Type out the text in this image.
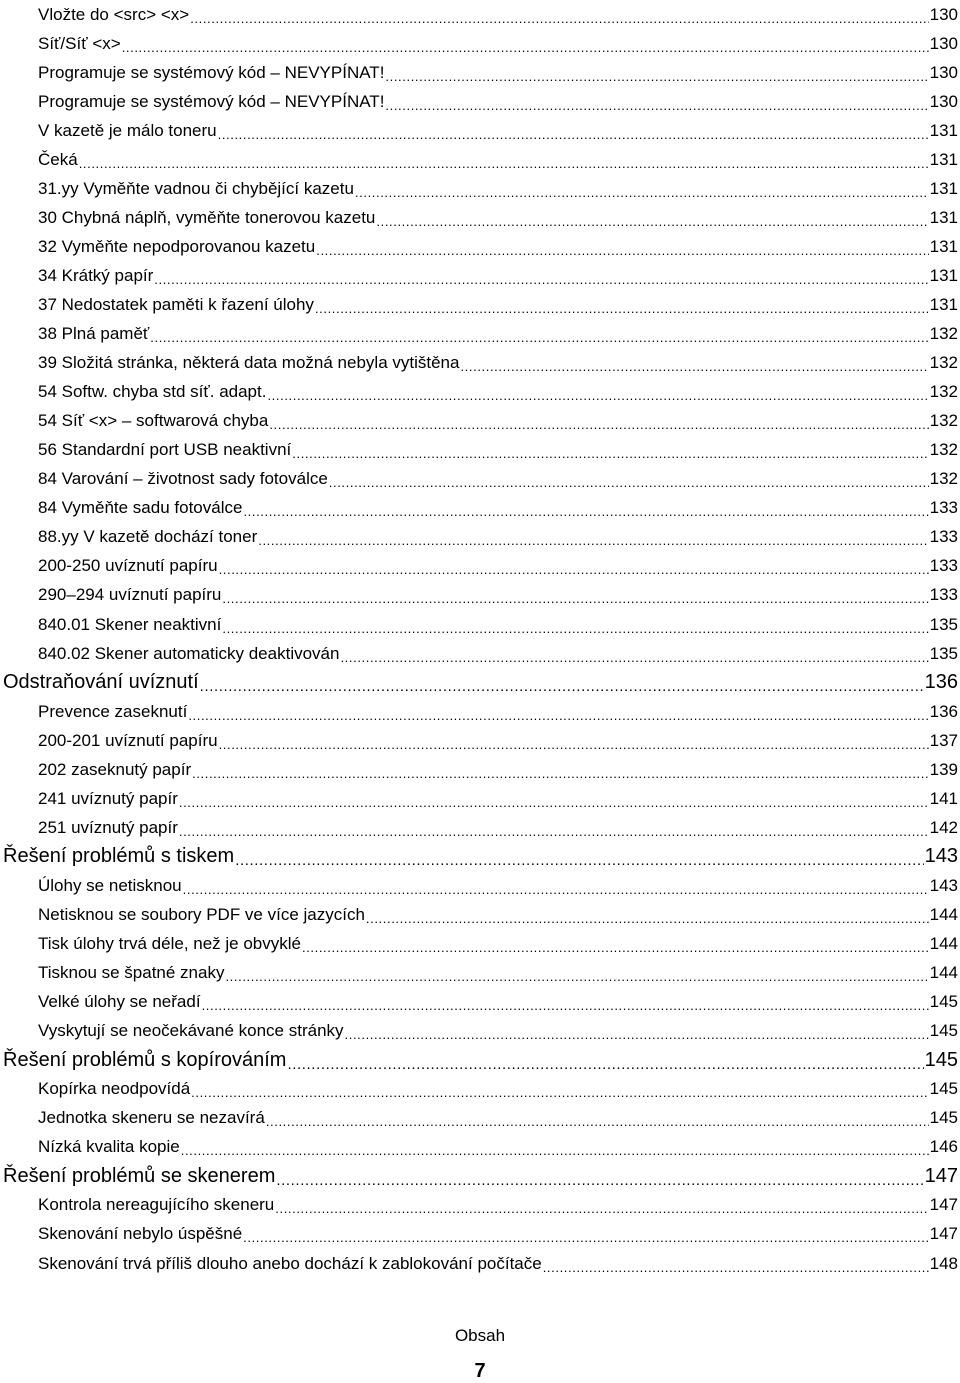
Vložte do <src> <x> .....	130
Síť/Síť <x> .....	130
Programuje se systémový kód – NEVYPÍNAT! .....	130
Programuje se systémový kód – NEVYPÍNAT! .....	130
V kazetě je málo toneru .....	131
Čeká .....	131
31.yy Vyměňte vadnou či chybějící kazetu .....	131
30 Chybná náplň, vyměňte tonerovou kazetu .....	131
32 Vyměňte nepodporovanou kazetu .....	131
34 Krátký papír .....	131
37 Nedostatek paměti k řazení úlohy .....	131
38 Plná paměť .....	132
39 Složitá stránka, některá data možná nebyla vytištěna .....	132
54 Softw. chyba std síť. adapt. .....	132
54 Síť <x> – softwarová chyba .....	132
56 Standardní port USB neaktivní .....	132
84 Varování – životnost sady fotoválce .....	132
84 Vyměňte sadu fotoválce .....	133
88.yy V kazetě dochází toner .....	133
200-250 uvíznutí papíru .....	133
290–294 uvíznutí papíru .....	133
840.01 Skener neaktivní .....	135
840.02 Skener automaticky deaktivován .....	135
Odstraňování uvíznutí .....	136
Prevence zaseknutí .....	136
200-201 uvíznutí papíru .....	137
202 zaseknutý papír .....	139
241 uvíznutý papír .....	141
251 uvíznutý papír .....	142
Řešení problémů s tiskem .....	143
Úlohy se netisknou .....	143
Netisknou se soubory PDF ve více jazycích .....	144
Tisk úlohy trvá déle, než je obvyklé .....	144
Tisknou se špatné znaky .....	144
Velké úlohy se neřadí .....	145
Vyskytují se neočekávané konce stránky .....	145
Řešení problémů s kopírováním .....	145
Kopírka neodpovídá .....	145
Jednotka skeneru se nezavírá .....	145
Nízká kvalita kopie .....	146
Řešení problémů se skenerem .....	147
Kontrola nereagujícího skeneru .....	147
Skenování nebylo úspěšné .....	147
Skenování trvá příliš dlouho anebo dochází k zablokování počítače .....	148
Obsah
7
